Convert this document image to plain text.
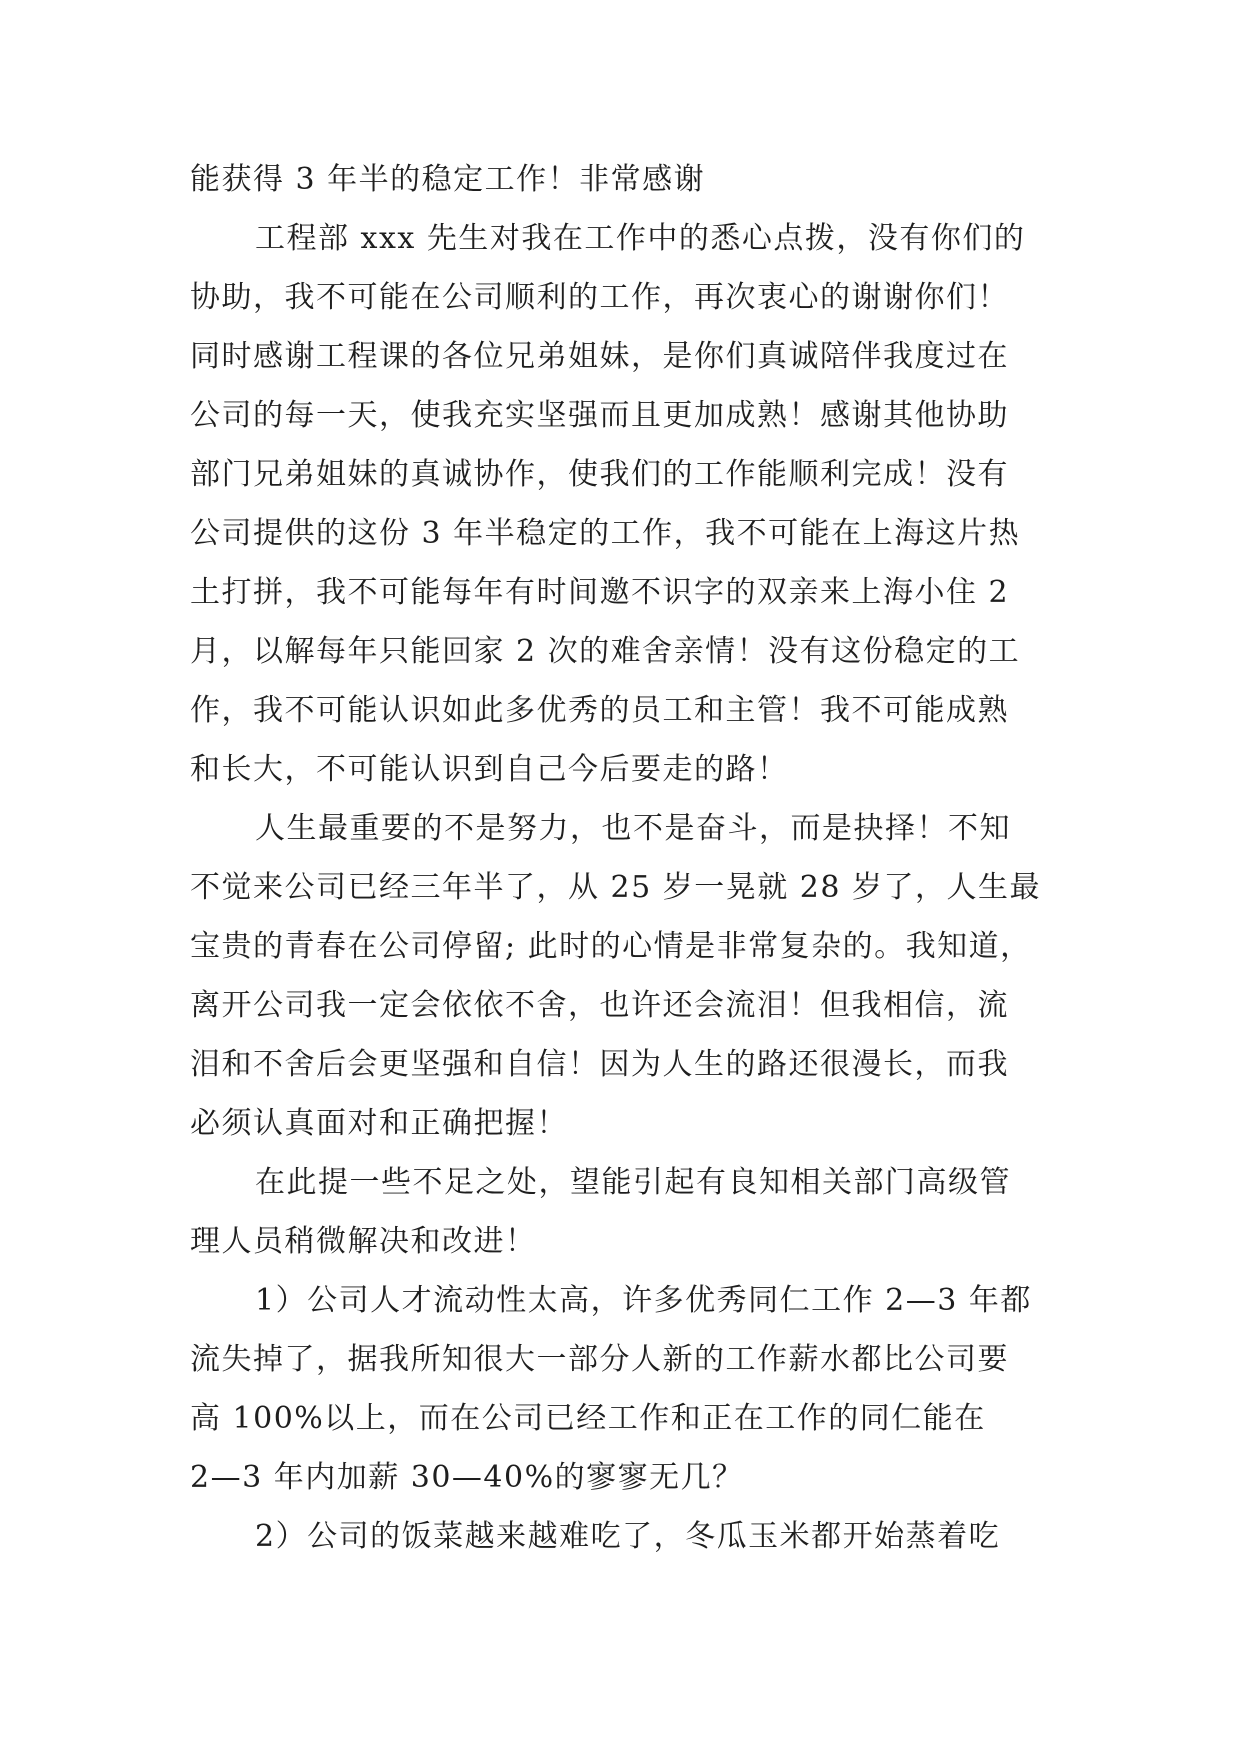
能获得 3 年半的稳定工作！非常感谢
工程部 xxx 先生对我在工作中的悉心点拨，没有你们的
协助，我不可能在公司顺利的工作，再次衷心的谢谢你们！
同时感谢工程课的各位兄弟姐妹，是你们真诚陪伴我度过在
公司的每一天，使我充实坚强而且更加成熟！感谢其他协助
部门兄弟姐妹的真诚协作，使我们的工作能顺利完成！没有
公司提供的这份 3 年半稳定的工作，我不可能在上海这片热
土打拼，我不可能每年有时间邀不识字的双亲来上海小住 2
月，以解每年只能回家 2 次的难舍亲情！没有这份稳定的工
作，我不可能认识如此多优秀的员工和主管！我不可能成熟
和长大，不可能认识到自己今后要走的路！
人生最重要的不是努力，也不是奋斗，而是抉择！不知
不觉来公司已经三年半了，从 25 岁一晃就 28 岁了，人生最
宝贵的青春在公司停留; 此时的心情是非常复杂的。我知道，
离开公司我一定会依依不舍，也许还会流泪！但我相信，流
泪和不舍后会更坚强和自信！因为人生的路还很漫长，而我
必须认真面对和正确把握！
在此提一些不足之处，望能引起有良知相关部门高级管
理人员稍微解决和改进！
1）公司人才流动性太高，许多优秀同仁工作 2—3 年都
流失掉了，据我所知很大一部分人新的工作薪水都比公司要
高 100%以上，而在公司已经工作和正在工作的同仁能在
2—3 年内加薪 30—40%的寥寥无几？
2）公司的饭菜越来越难吃了，冬瓜玉米都开始蒸着吃
